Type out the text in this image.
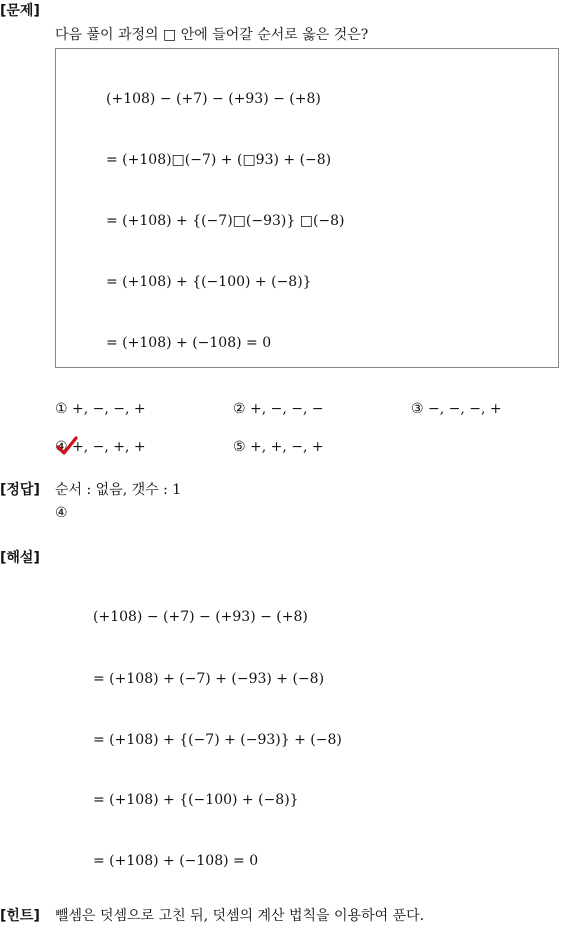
[문제]
다음 풀이 과정의 □ 안에 들어갈 순서로 옳은 것은?
(+108) − (+7) − (+93) − (+8)
= (+108)□(−7) + (□93) + (−8)
= (+108) + {(−7)□(−93)} □(−8)
= (+108) + {(−100) + (−8)}
= (+108) + (−108) = 0
① +, −, −, +	② +, −, −, −	③ −, −, −, +
④ +, −, +, +	⑤ +, +, −, +
[정답] 순서 : 없음, 갯수 : 1
④
[해설]
(+108) − (+7) − (+93) − (+8)
= (+108) + (−7) + (−93) + (−8)
= (+108) + {(−7) + (−93)} + (−8)
= (+108) + {(−100) + (−8)}
= (+108) + (−108) = 0
[힌트] 뺄셈은 덧셈으로 고친 뒤, 덧셈의 계산 법칙을 이용하여 푼다.
